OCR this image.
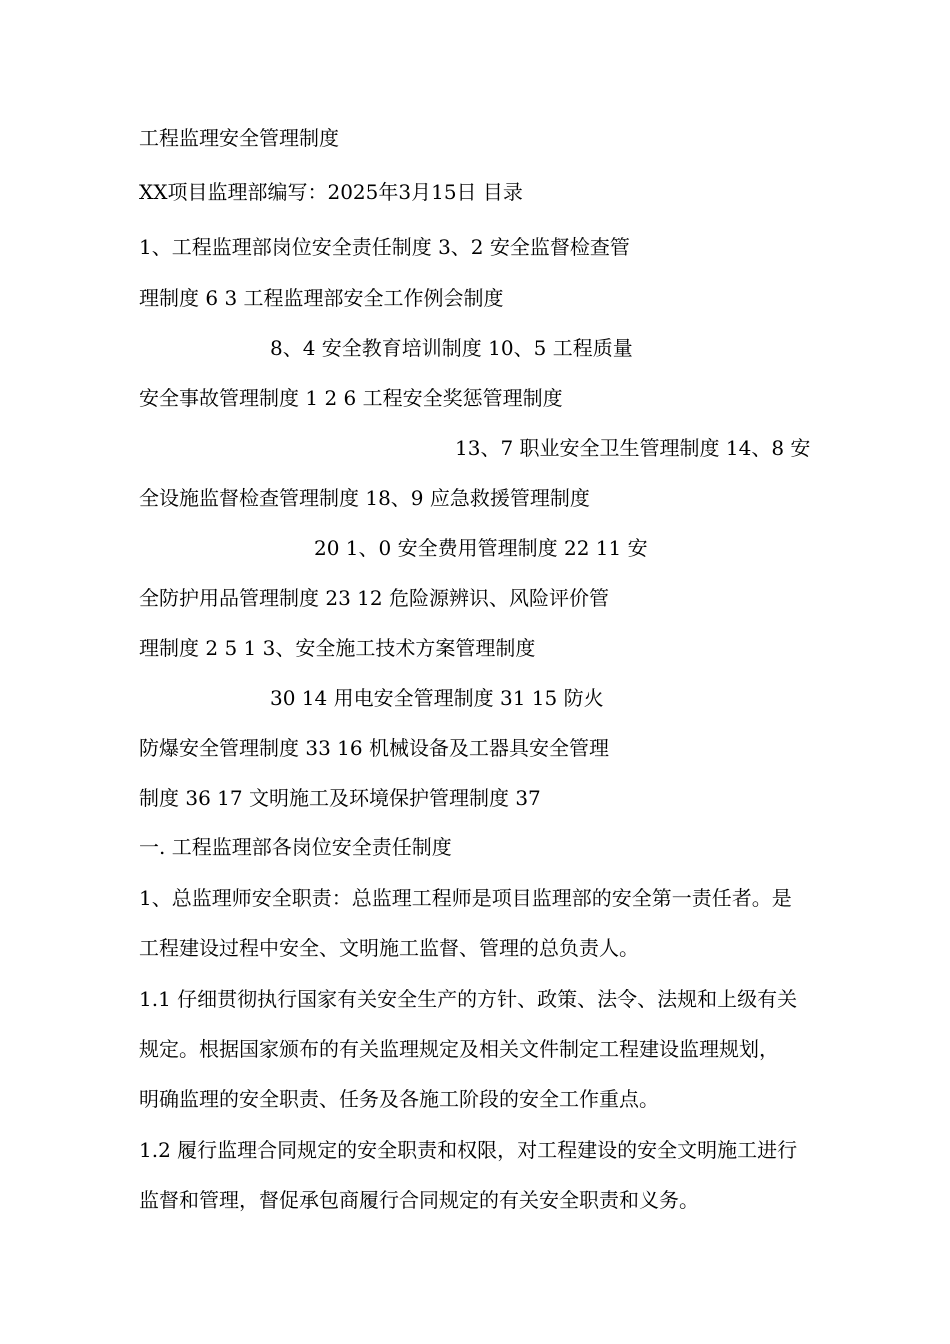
工程监理安全管理制度

XX项目监理部编写：2025年3月15日 目录

1、工程监理部岗位安全责任制度 3、2 安全监督检查管

理制度 6 3 工程监理部安全工作例会制度

8、4 安全教育培训制度 10、5 工程质量

安全事故管理制度 1 2 6 工程安全奖惩管理制度

13、7 职业安全卫生管理制度 14、8 安

全设施监督检查管理制度 18、9 应急救援管理制度

20 1、0 安全费用管理制度 22 11 安

全防护用品管理制度 23 12 危险源辨识、风险评价管

理制度 2 5 1 3、安全施工技术方案管理制度

30 14 用电安全管理制度 31 15 防火

防爆安全管理制度 33 16 机械设备及工器具安全管理

制度 36 17 文明施工及环境保护管理制度 37

一. 工程监理部各岗位安全责任制度

1、总监理师安全职责：总监理工程师是项目监理部的安全第一责任者。是

工程建设过程中安全、文明施工监督、管理的总负责人。

1.1 仔细贯彻执行国家有关安全生产的方针、政策、法令、法规和上级有关

规定。根据国家颁布的有关监理规定及相关文件制定工程建设监理规划，

明确监理的安全职责、任务及各施工阶段的安全工作重点。

1.2 履行监理合同规定的安全职责和权限，对工程建设的安全文明施工进行

监督和管理，督促承包商履行合同规定的有关安全职责和义务。
